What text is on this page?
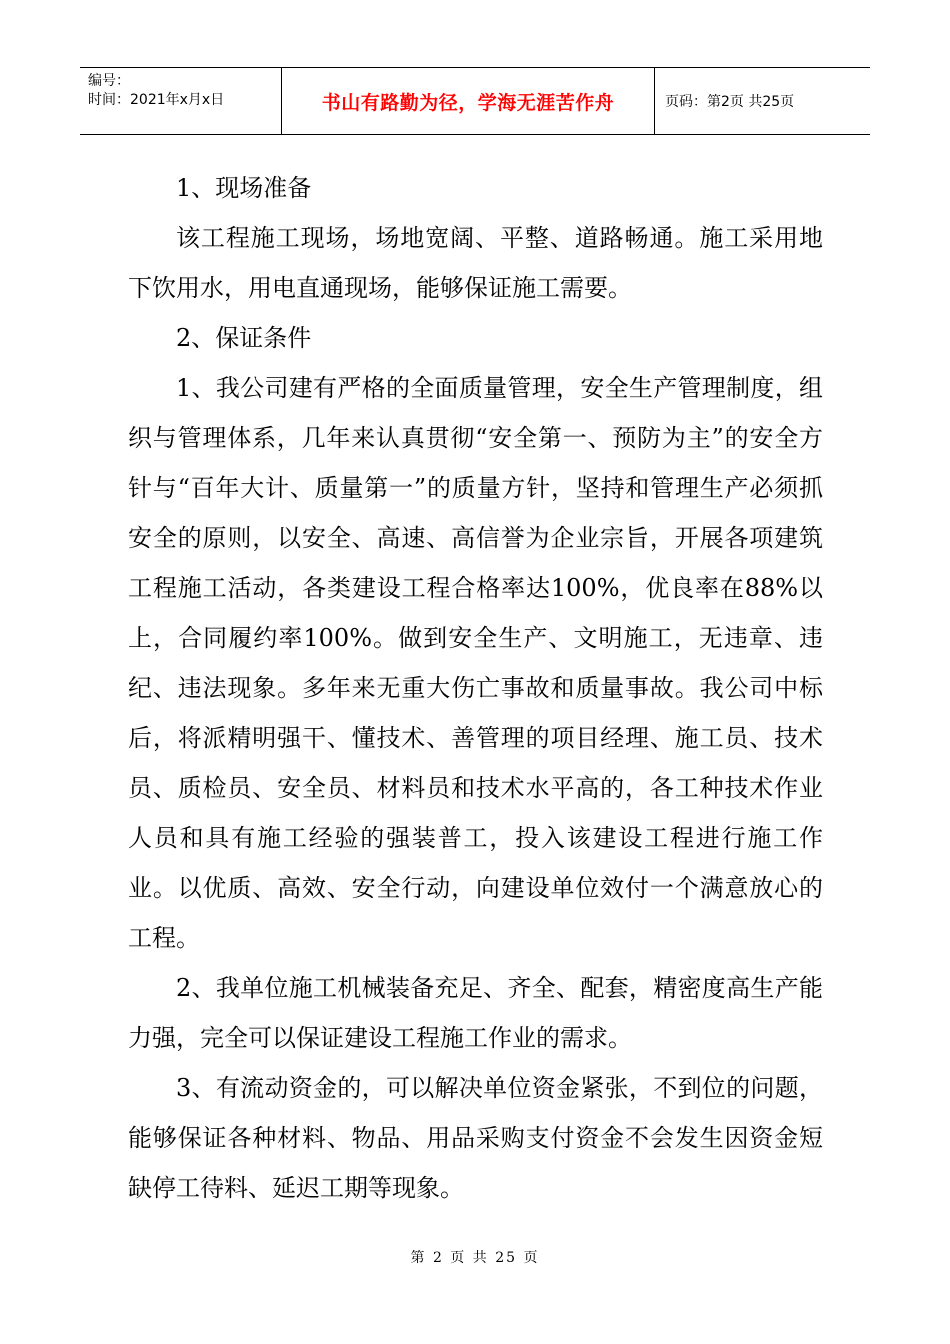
编号：
时间：2021年x月x日	书山有路勤为径，学海无涯苦作舟	页码：第2页 共25页

1、现场准备

该工程施工现场，场地宽阔、平整、道路畅通。施工采用地下饮用水，用电直通现场，能够保证施工需要。

2、保证条件

1、我公司建有严格的全面质量管理，安全生产管理制度，组织与管理体系，几年来认真贯彻“安全第一、预防为主”的安全方针与“百年大计、质量第一”的质量方针，坚持和管理生产必须抓安全的原则，以安全、高速、高信誉为企业宗旨，开展各项建筑工程施工活动，各类建设工程合格率达100%，优良率在88%以上，合同履约率100%。做到安全生产、文明施工，无违章、违纪、违法现象。多年来无重大伤亡事故和质量事故。我公司中标后，将派精明强干、懂技术、善管理的项目经理、施工员、技术员、质检员、安全员、材料员和技术水平高的，各工种技术作业人员和具有施工经验的强装普工，投入该建设工程进行施工作业。以优质、高效、安全行动，向建设单位效付一个满意放心的工程。

2、我单位施工机械装备充足、齐全、配套，精密度高生产能力强，完全可以保证建设工程施工作业的需求。

3、有流动资金的，可以解决单位资金紧张，不到位的问题，能够保证各种材料、物品、用品采购支付资金不会发生因资金短缺停工待料、延迟工期等现象。

第 2 页 共 25 页
